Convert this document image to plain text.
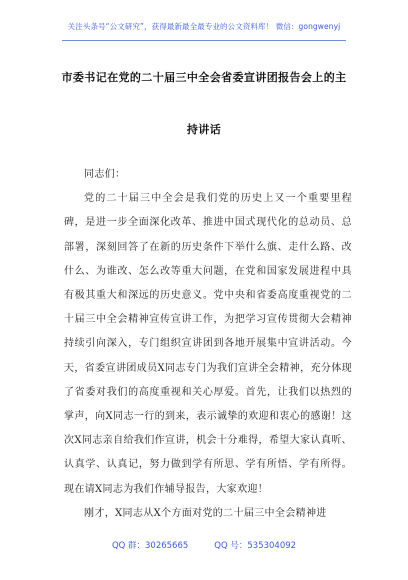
关注头条号“公文研究”，获得最新最全最专业的公文资料库！ 微信：gongwenyj
市委书记在党的二十届三中全会省委宣讲团报告会上的主
持讲话

同志们：

党的二十届三中全会是我们党的历史上又一个重要里程碑，是进一步全面深化改革、推进中国式现代化的总动员、总部署，深刻回答了在新的历史条件下举什么旗、走什么路、改什么、为谁改、怎么改等重大问题，在党和国家发展进程中具有极其重大和深远的历史意义。党中央和省委高度重视党的二十届三中全会精神宣传宣讲工作，为把学习宣传贯彻大会精神持续引向深入，专门组织宣讲团到各地开展集中宣讲活动。今天，省委宣讲团成员X同志专门为我们宣讲全会精神，充分体现了省委对我们的高度重视和关心厚爱。首先，让我们以热烈的掌声，向X同志一行的到来，表示诚挚的欢迎和衷心的感谢！这次X同志亲自给我们作宣讲，机会十分难得，希望大家认真听、认真学、认真记，努力做到学有所思、学有所悟、学有所得。现在请X同志为我们作辅导报告，大家欢迎！

刚才，X同志从X个方面对党的二十届三中全会精神进

QQ 群：30265665	QQ 号：535304092
